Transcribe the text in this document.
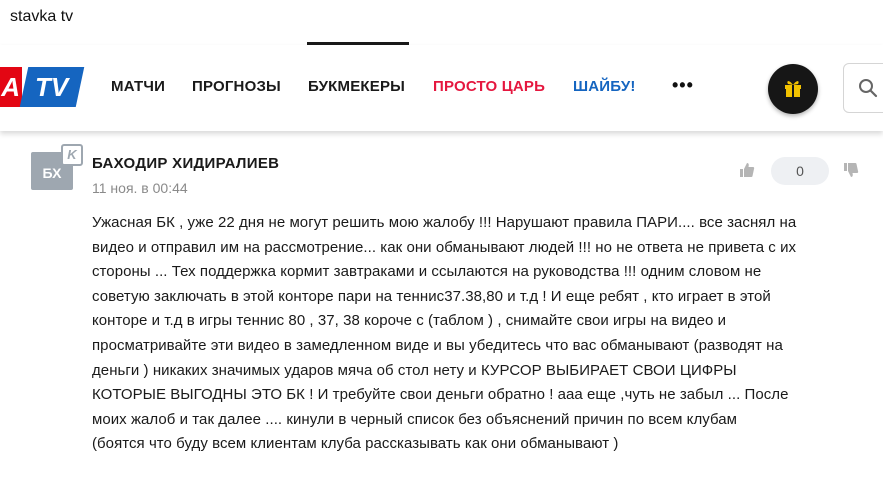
stavka tv
A TV	МАТЧИ ПРОГНОЗЫ БУКМЕКЕРЫ ПРОСТО ЦАРЬ ШАЙБУ! •••
БХ
K
БАХОДИР ХИДИРАЛИЕВ
11 ноя. в 00:44
0
Ужасная БК , уже 22 дня не могут решить мою жалобу !!! Нарушают правила ПАРИ.... все заснял на
видео и отправил им на рассмотрение... как они обманывают людей !!! но не ответа не привета с их
стороны ... Тех поддержка кормит завтраками и ссылаются на руководства !!! одним словом не
советую заключать в этой конторе пари на теннис37.38,80 и т.д ! И еще ребят , кто играет в этой
конторе и т.д в игры теннис 80 , 37, 38 короче с (таблом ) , снимайте свои игры на видео и
просматривайте эти видео в замедленном виде и вы убедитесь что вас обманывают (разводят на
деньги ) никаких значимых ударов мяча об стол нету и КУРСОР ВЫБИРАЕТ СВОИ ЦИФРЫ
КОТОРЫЕ ВЫГОДНЫ ЭТО БК ! И требуйте свои деньги обратно ! ааа еще ,чуть не забыл ... После
моих жалоб и так далее .... кинули в черный список без объяснений причин по всем клубам
(боятся что буду всем клиентам клуба рассказывать как они обманывают )
